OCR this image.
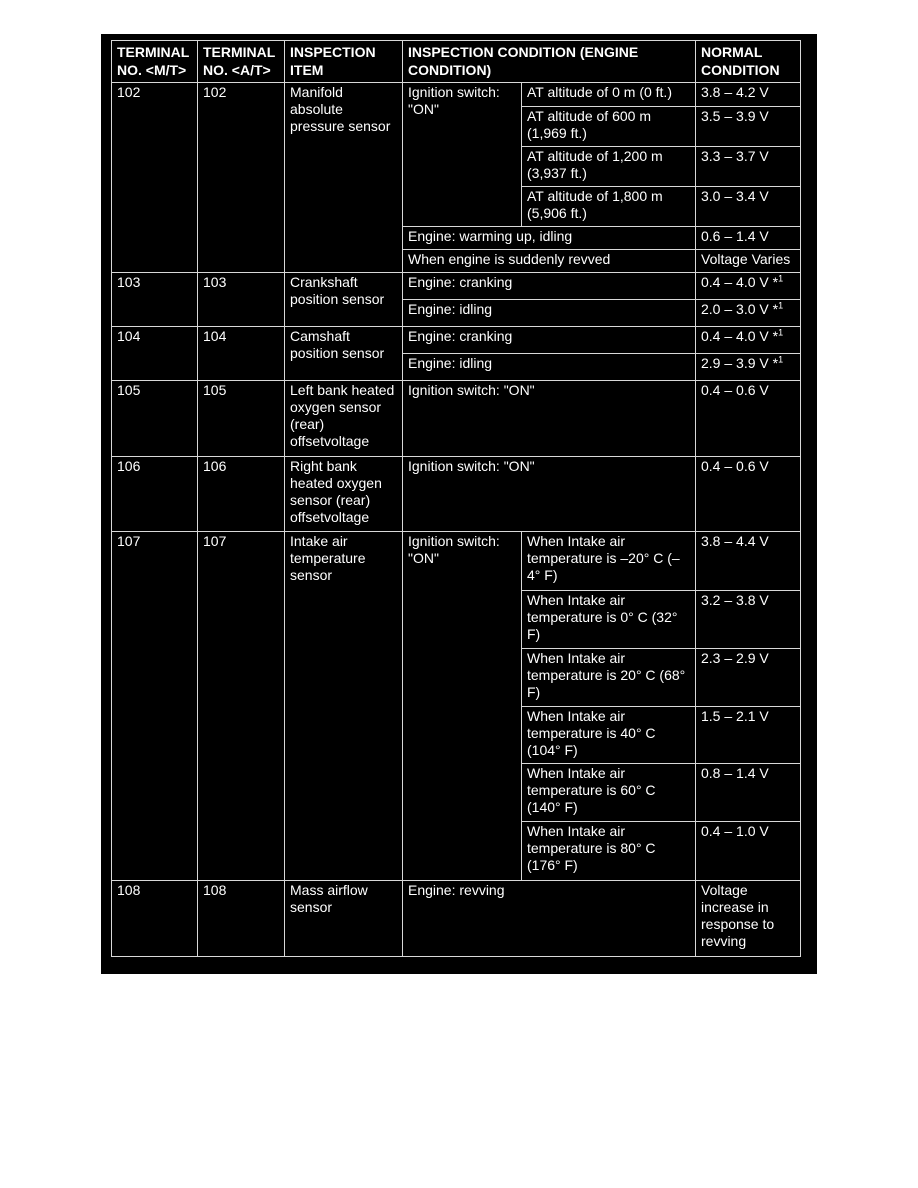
TERMINAL NO. <M/T>	TERMINAL NO. <A/T>	INSPECTION ITEM	INSPECTION CONDITION (ENGINE CONDITION)		NORMAL CONDITION
102	102	Manifold absolute pressure sensor	Ignition switch: "ON"	AT altitude of 0 m (0 ft.)	3.8 – 4.2 V
				AT altitude of 600 m (1,969 ft.)	3.5 – 3.9 V
				AT altitude of 1,200 m (3,937 ft.)	3.3 – 3.7 V
				AT altitude of 1,800 m (5,906 ft.)	3.0 – 3.4 V
			Engine: warming up, idling		0.6 – 1.4 V
			When engine is suddenly revved		Voltage Varies
103	103	Crankshaft position sensor	Engine: cranking		0.4 – 4.0 V *$^1$
			Engine: idling		2.0 – 3.0 V *$^1$
104	104	Camshaft position sensor	Engine: cranking		0.4 – 4.0 V *$^1$
			Engine: idling		2.9 – 3.9 V *$^1$
105	105	Left bank heated oxygen sensor (rear) offsetvoltage	Ignition switch: "ON"		0.4 – 0.6 V
106	106	Right bank heated oxygen sensor (rear) offsetvoltage	Ignition switch: "ON"		0.4 – 0.6 V
107	107	Intake air temperature sensor	Ignition switch: "ON"	When Intake air temperature is –20° C (–4° F)	3.8 – 4.4 V
				When Intake air temperature is 0° C (32° F)	3.2 – 3.8 V
				When Intake air temperature is 20° C (68° F)	2.3 – 2.9 V
				When Intake air temperature is 40° C (104° F)	1.5 – 2.1 V
				When Intake air temperature is 60° C (140° F)	0.8 – 1.4 V
				When Intake air temperature is 80° C (176° F)	0.4 – 1.0 V
108	108	Mass airflow sensor	Engine: revving		Voltage increase in response to revving
